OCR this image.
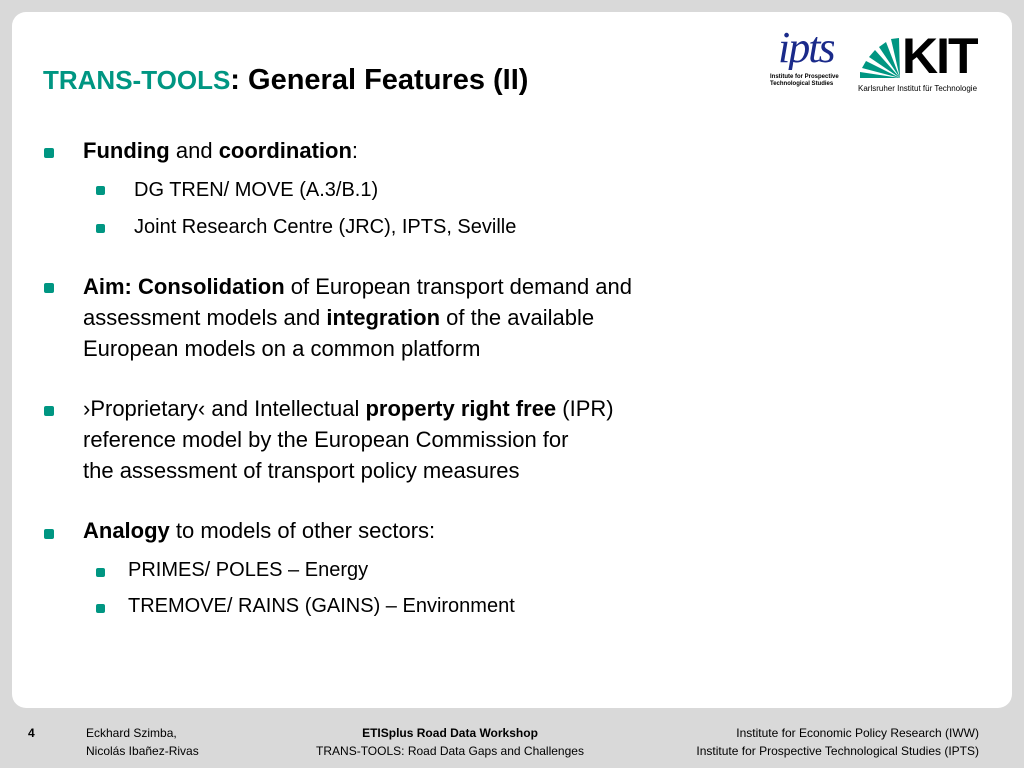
TRANS-TOOLS: General Features (II)
ipts
Institute for Prospective Technological Studies	KIT
Karlsruher Institut für Technologie
Funding and coordination:
DG TREN/ MOVE (A.3/B.1)
Joint Research Centre (JRC), IPTS, Seville
Aim: Consolidation of European transport demand and
assessment models and integration of the available
European models on a common platform
›Proprietary‹ and Intellectual property right free (IPR)
reference model by the European Commission for
the assessment of transport policy measures
Analogy to models of other sectors:
PRIMES/ POLES – Energy
TREMOVE/ RAINS (GAINS) – Environment
4	Eckhard Szimba,
Nicolás Ibañez-Rivas
ETISplus Road Data Workshop
TRANS-TOOLS: Road Data Gaps and Challenges
Institute for Economic Policy Research (IWW)
Institute for Prospective Technological Studies (IPTS)
